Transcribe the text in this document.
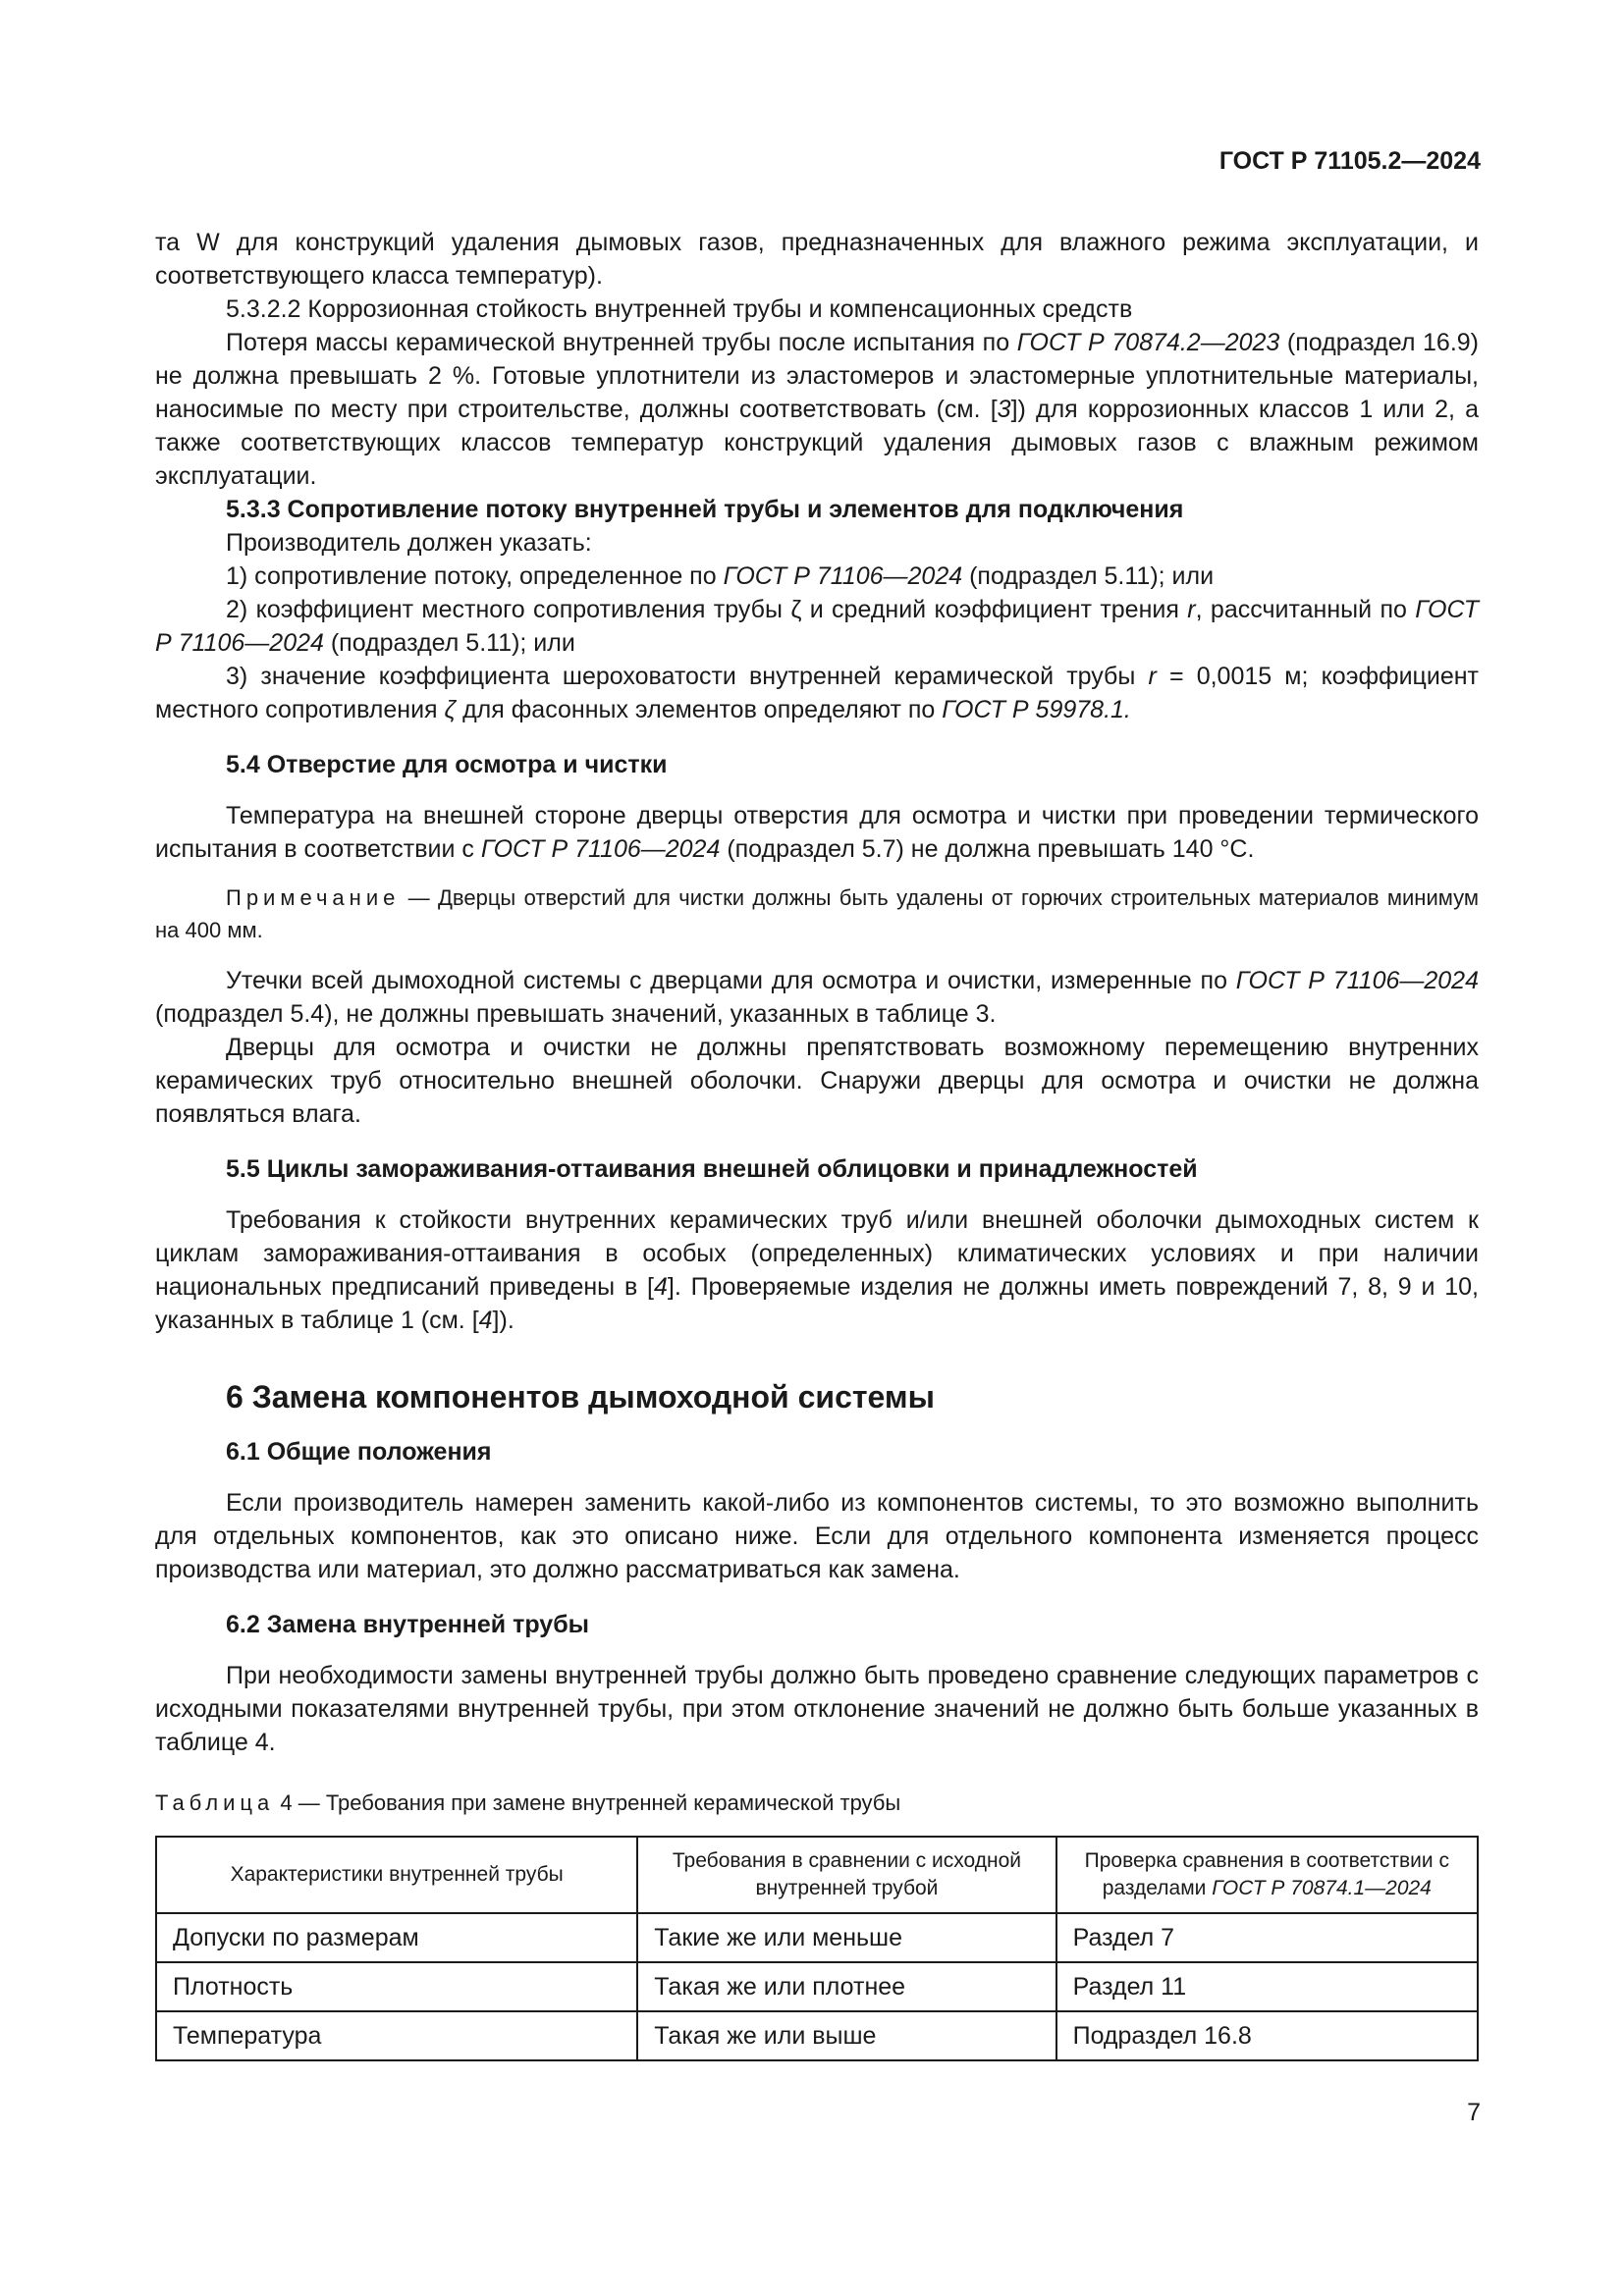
ГОСТ Р 71105.2—2024

та W для конструкций удаления дымовых газов, предназначенных для влажного режима эксплуатации, и соответствующего класса температур).

5.3.2.2 Коррозионная стойкость внутренней трубы и компенсационных средств

Потеря массы керамической внутренней трубы после испытания по ГОСТ Р 70874.2—2023 (подраздел 16.9) не должна превышать 2 %. Готовые уплотнители из эластомеров и эластомерные уплотнительные материалы, наносимые по месту при строительстве, должны соответствовать (см. [3]) для коррозионных классов 1 или 2, а также соответствующих классов температур конструкций удаления дымовых газов с влажным режимом эксплуатации.

5.3.3 Сопротивление потоку внутренней трубы и элементов для подключения

Производитель должен указать:

1) сопротивление потоку, определенное по ГОСТ Р 71106—2024 (подраздел 5.11); или

2) коэффициент местного сопротивления трубы ζ и средний коэффициент трения r, рассчитанный по ГОСТ Р 71106—2024 (подраздел 5.11); или

3) значение коэффициента шероховатости внутренней керамической трубы r = 0,0015 м; коэффициент местного сопротивления ζ для фасонных элементов определяют по ГОСТ Р 59978.1.

5.4 Отверстие для осмотра и чистки

Температура на внешней стороне дверцы отверстия для осмотра и чистки при проведении термического испытания в соответствии с ГОСТ Р 71106—2024 (подраздел 5.7) не должна превышать 140 °С.

Примечание — Дверцы отверстий для чистки должны быть удалены от горючих строительных материалов минимум на 400 мм.

Утечки всей дымоходной системы с дверцами для осмотра и очистки, измеренные по ГОСТ Р 71106—2024 (подраздел 5.4), не должны превышать значений, указанных в таблице 3.

Дверцы для осмотра и очистки не должны препятствовать возможному перемещению внутренних керамических труб относительно внешней оболочки. Снаружи дверцы для осмотра и очистки не должна появляться влага.

5.5 Циклы замораживания-оттаивания внешней облицовки и принадлежностей

Требования к стойкости внутренних керамических труб и/или внешней оболочки дымоходных систем к циклам замораживания-оттаивания в особых (определенных) климатических условиях и при наличии национальных предписаний приведены в [4]. Проверяемые изделия не должны иметь повреждений 7, 8, 9 и 10, указанных в таблице 1 (см. [4]).

6 Замена компонентов дымоходной системы

6.1 Общие положения

Если производитель намерен заменить какой-либо из компонентов системы, то это возможно выполнить для отдельных компонентов, как это описано ниже. Если для отдельного компонента изменяется процесс производства или материал, это должно рассматриваться как замена.

6.2 Замена внутренней трубы

При необходимости замены внутренней трубы должно быть проведено сравнение следующих параметров с исходными показателями внутренней трубы, при этом отклонение значений не должно быть больше указанных в таблице 4.

Таблица 4 — Требования при замене внутренней керамической трубы

Характеристики внутренней трубы	Требования в сравнении с исходной внутренней трубой	Проверка сравнения в соответствии с разделами ГОСТ Р 70874.1—2024
Допуски по размерам	Такие же или меньше	Раздел 7
Плотность	Такая же или плотнее	Раздел 11
Температура	Такая же или выше	Подраздел 16.8
7
